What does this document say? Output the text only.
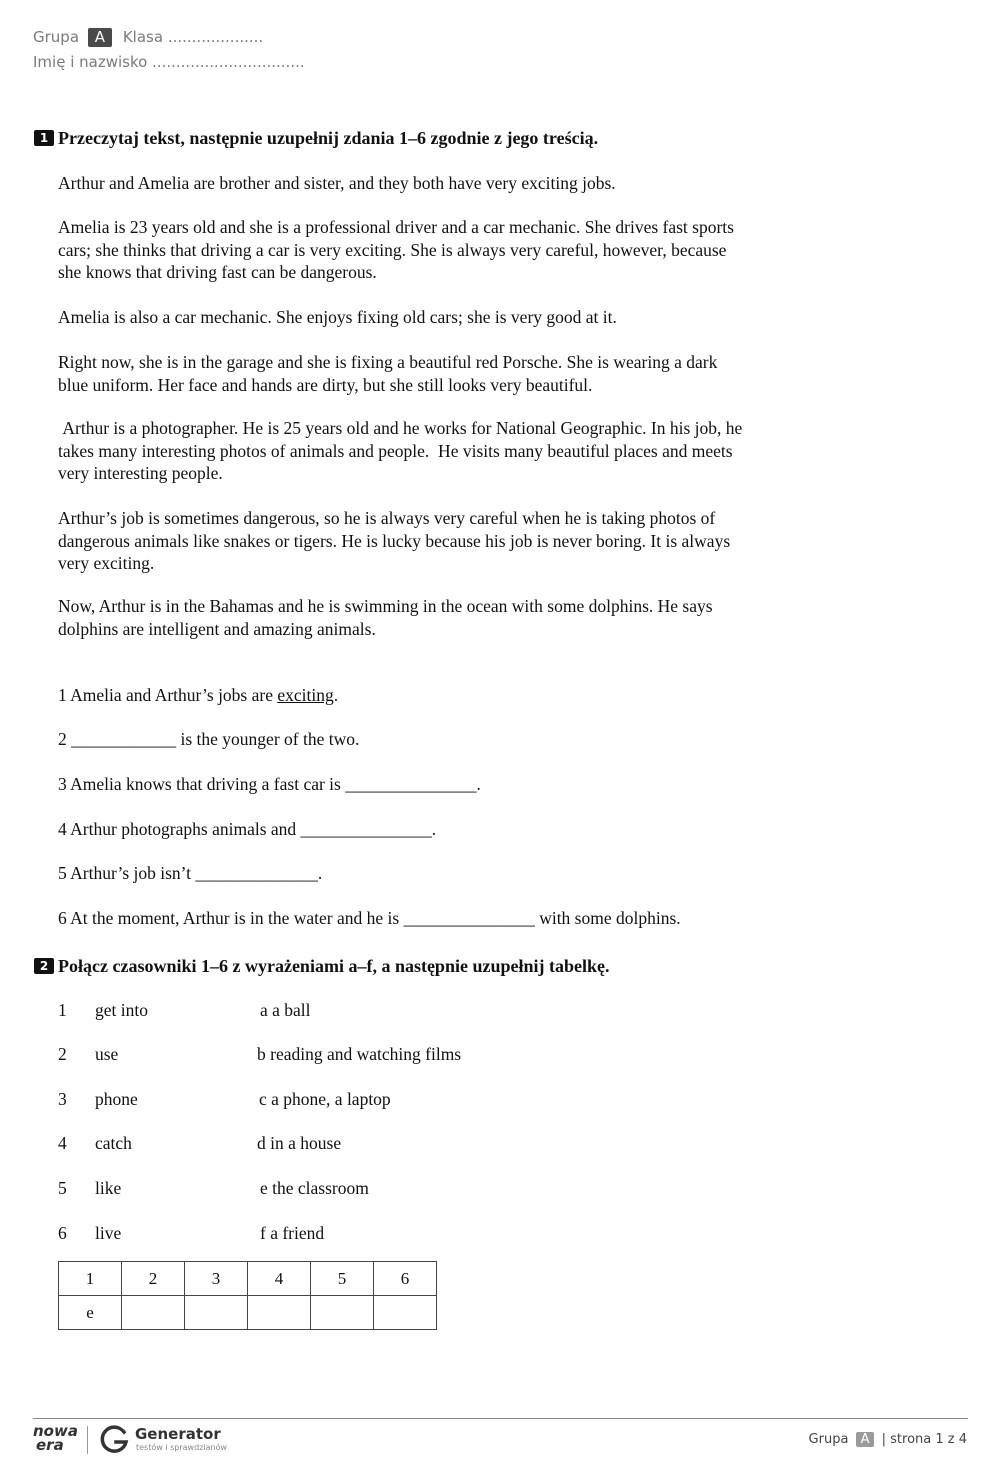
Grupa A Klasa ....................
Imię i nazwisko ................................
1 Przeczytaj tekst, następnie uzupełnij zdania 1–6 zgodnie z jego treścią.
Arthur and Amelia are brother and sister, and they both have very exciting jobs.
Amelia is 23 years old and she is a professional driver and a car mechanic. She drives fast sports cars; she thinks that driving a car is very exciting. She is always very careful, however, because she knows that driving fast can be dangerous.
Amelia is also a car mechanic. She enjoys fixing old cars; she is very good at it.
Right now, she is in the garage and she is fixing a beautiful red Porsche. She is wearing a dark blue uniform. Her face and hands are dirty, but she still looks very beautiful.
Arthur is a photographer. He is 25 years old and he works for National Geographic. In his job, he takes many interesting photos of animals and people.  He visits many beautiful places and meets very interesting people.
Arthur’s job is sometimes dangerous, so he is always very careful when he is taking photos of dangerous animals like snakes or tigers. He is lucky because his job is never boring. It is always very exciting.
Now, Arthur is in the Bahamas and he is swimming in the ocean with some dolphins. He says dolphins are intelligent and amazing animals.
1 Amelia and Arthur’s jobs are exciting.
2 ____________ is the younger of the two.
3 Amelia knows that driving a fast car is _______________.
4 Arthur photographs animals and _______________.
5 Arthur’s job isn’t ______________.
6 At the moment, Arthur is in the water and he is _______________ with some dolphins.
2 Połącz czasowniki 1–6 z wyrażeniami a–f, a następnie uzupełnij tabelkę.
1 get into	a a ball
2 use	b reading and watching films
3 phone	c a phone, a laptop
4 catch	d in a house
5 like	e the classroom
6 live	f a friend
1	2	3	4	5	6
e					
nowa
era
Generator
testów i sprawdzianów
Grupa A | strona 1 z 4
